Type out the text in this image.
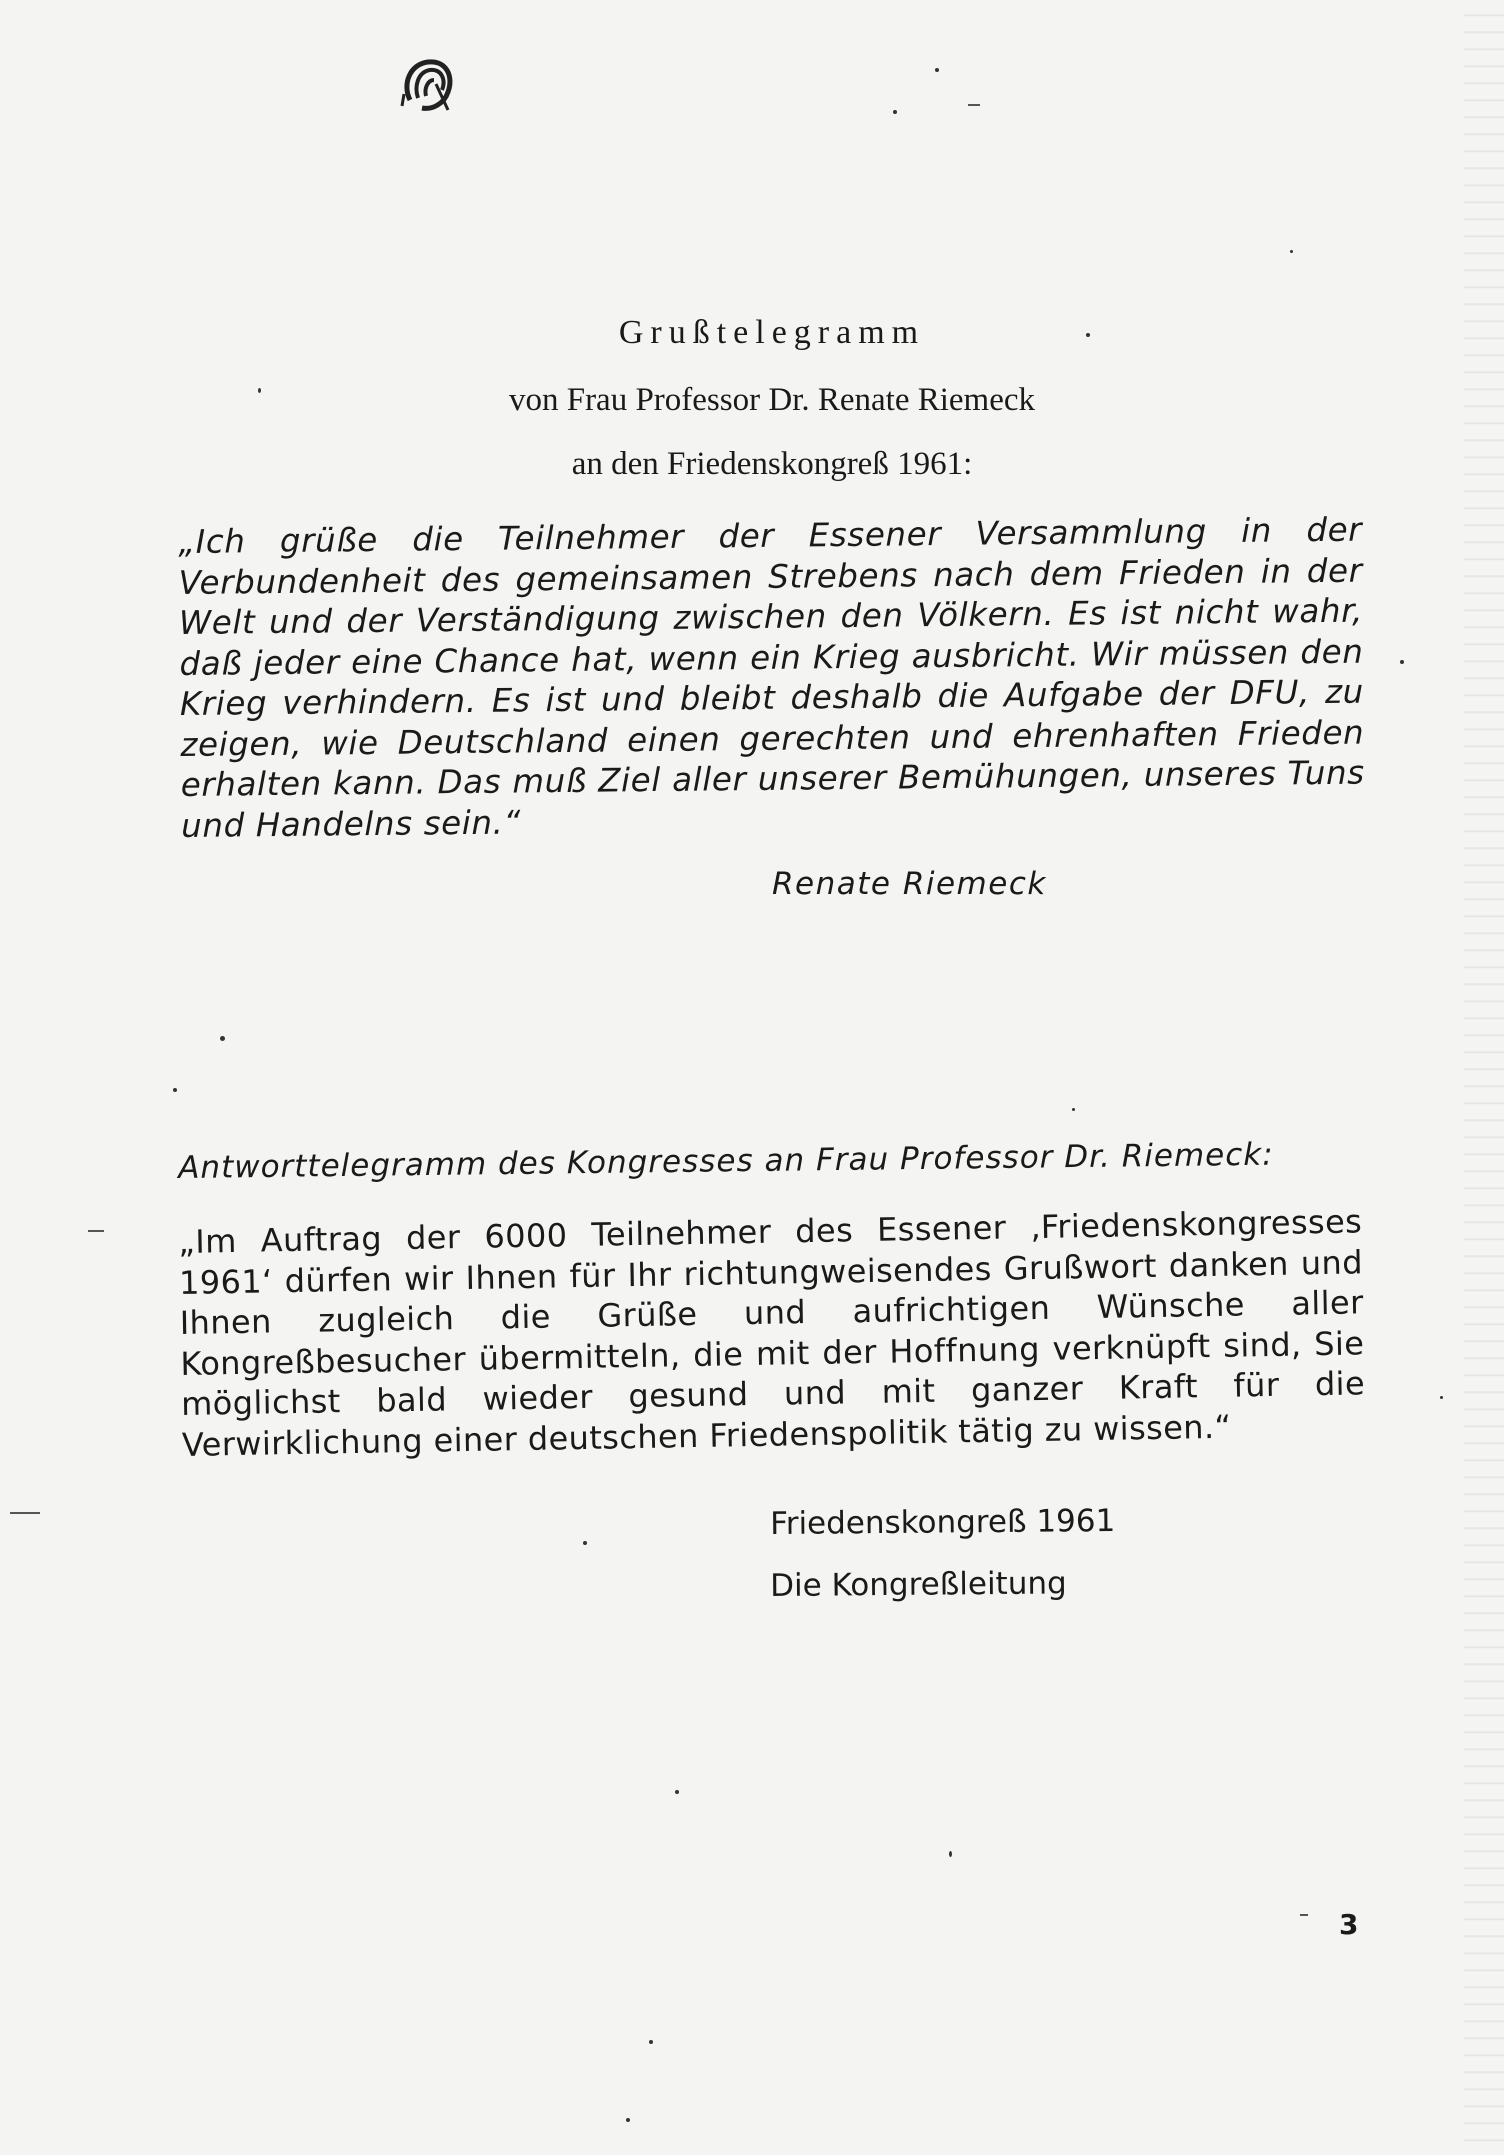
Grußtelegramm
von Frau Professor Dr. Renate Riemeck
an den Friedenskongreß 1961:

„Ich grüße die Teilnehmer der Essener Versammlung in der Verbundenheit des gemeinsamen Strebens nach dem Frieden in der Welt und der Verständigung zwischen den Völkern. Es ist nicht wahr, daß jeder eine Chance hat, wenn ein Krieg ausbricht. Wir müssen den Krieg verhindern. Es ist und bleibt deshalb die Aufgabe der DFU, zu zeigen, wie Deutschland einen gerechten und ehrenhaften Frieden erhalten kann. Das muß Ziel aller unserer Bemühungen, unseres Tuns und Handelns sein.“

Renate Riemeck

Antworttelegramm des Kongresses an Frau Professor Dr. Riemeck:

„Im Auftrag der 6000 Teilnehmer des Essener ‚Friedenskongresses 1961‘ dürfen wir Ihnen für Ihr richtungweisendes Grußwort danken und Ihnen zugleich die Grüße und aufrichtigen Wünsche aller Kongreßbesucher übermitteln, die mit der Hoffnung verknüpft sind, Sie möglichst bald wieder gesund und mit ganzer Kraft für die Verwirklichung einer deutschen Friedenspolitik tätig zu wissen.“

Friedenskongreß 1961
Die Kongreßleitung
3
